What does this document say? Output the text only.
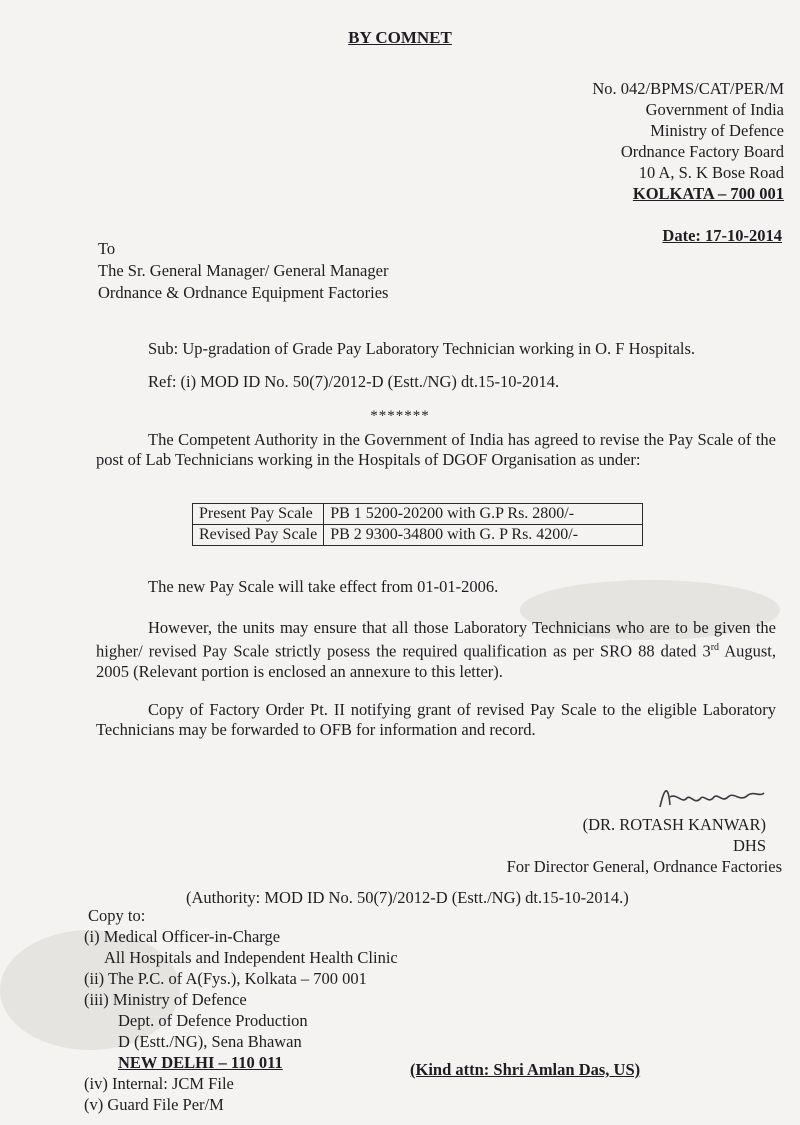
BY COMNET
No. 042/BPMS/CAT/PER/M
Government of India
Ministry of Defence
Ordnance Factory Board
10 A, S. K Bose Road
KOLKATA – 700 001
Date: 17-10-2014
To
The Sr. General Manager/ General Manager
Ordnance & Ordnance Equipment Factories
Sub: Up-gradation of Grade Pay Laboratory Technician working in O. F Hospitals.
Ref: (i) MOD ID No. 50(7)/2012-D (Estt./NG) dt.15-10-2014.
*******
The Competent Authority in the Government of India has agreed to revise the Pay Scale of the post of Lab Technicians working in the Hospitals of DGOF Organisation as under:
Present Pay Scale	PB 1 5200-20200 with G.P Rs. 2800/-
Revised Pay Scale	PB 2 9300-34800 with G. P Rs. 4200/-
The new Pay Scale will take effect from 01-01-2006.
However, the units may ensure that all those Laboratory Technicians who are to be given the higher/ revised Pay Scale strictly posess the required qualification as per SRO 88 dated 3rd August, 2005 (Relevant portion is enclosed an annexure to this letter).
Copy of Factory Order Pt. II notifying grant of revised Pay Scale to the eligible Laboratory Technicians may be forwarded to OFB for information and record.
(DR. ROTASH KANWAR)
DHS
For Director General, Ordnance Factories
(Authority: MOD ID No. 50(7)/2012-D (Estt./NG) dt.15-10-2014.)
Copy to:
(i) Medical Officer-in-Charge
All Hospitals and Independent Health Clinic
(ii) The P.C. of A(Fys.), Kolkata – 700 001
(iii) Ministry of Defence
Dept. of Defence Production
D (Estt./NG), Sena Bhawan
NEW DELHI – 110 011
(iv) Internal: JCM File
(v) Guard File Per/M
(Kind attn: Shri Amlan Das, US)
